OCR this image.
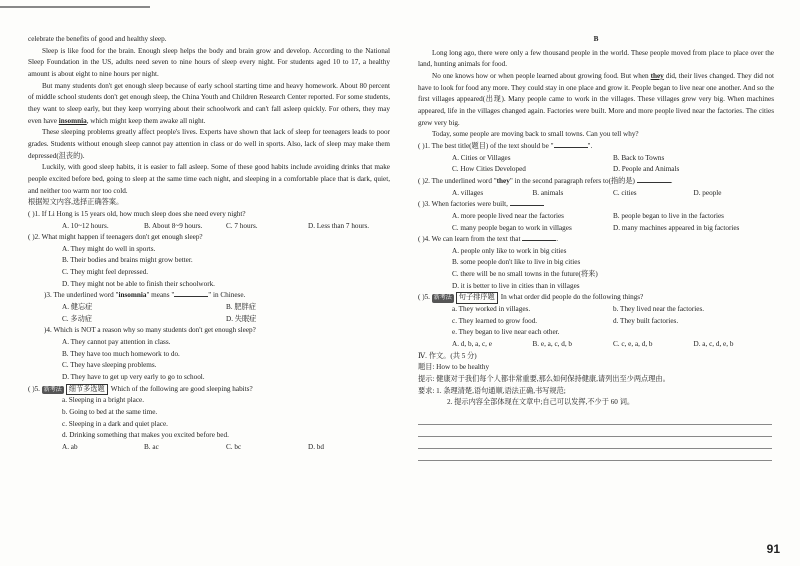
celebrate the benefits of good and healthy sleep.

Sleep is like food for the brain. Enough sleep helps the body and brain grow and develop. According to the National Sleep Foundation in the US, adults need seven to nine hours of sleep every night. For students aged 10 to 17, a healthy amount is about eight to nine hours per night.

But many students don't get enough sleep because of early school starting time and heavy homework. About 80 percent of middle school students don't get enough sleep, the China Youth and Children Research Center reported. For some students, they want to sleep early, but they keep worrying about their schoolwork and can't fall asleep quickly. For others, they may even have insomnia, which might keep them awake all night.

These sleeping problems greatly affect people's lives. Experts have shown that lack of sleep for teenagers leads to poor grades. Students without enough sleep cannot pay attention in class or do well in sports. Also, lack of sleep may make them depressed(沮丧的).

Luckily, with good sleep habits, it is easier to fall asleep. Some of these good habits include avoiding drinks that make people excited before bed, going to sleep at the same time each night, and sleeping in a comfortable place that is dark, quiet, and neither too warm nor too cold.

根据短文内容,选择正确答案。

( )1. If Li Hong is 15 years old, how much sleep does she need every night?

A. 10~12 hours.	B. About 8~9 hours.	C. 7 hours.	D. Less than 7 hours.

( )2. What might happen if teenagers don't get enough sleep?

A. They might do well in sports.
B. Their bodies and brains might grow better.
C. They might feel depressed.
D. They might not be able to finish their schoolwork.

)3. The underlined word "insomnia" means "	" in Chinese.

A. 健忘症	B. 肥胖症
C. 多动症	D. 失眠症

)4. Which is NOT a reason why so many students don't get enough sleep?

A. They cannot pay attention in class.
B. They have too much homework to do.
C. They have sleeping problems.
D. They have to get up very early to go to school.

( )5. 新考法 细节多选题 Which of the following are good sleeping habits?

a. Sleeping in a bright place.
b. Going to bed at the same time.
c. Sleeping in a dark and quiet place.
d. Drinking something that makes you excited before bed.
A. ab	B. ac	C. bc	D. bd
B

Long long ago, there were only a few thousand people in the world. These people moved from place to place over the land, hunting animals for food.

No one knows how or when people learned about growing food. But when they did, their lives changed. They did not have to look for food any more. They could stay in one place and grow it. People began to live near one another. And so the first villages appeared(出现). Many people came to work in the villages. These villages grew very big. When machines appeared, life in the villages changed again. Factories were built. More and more people lived near the factories. The cities grew very big.

Today, some people are moving back to small towns. Can you tell why?

( )1. The best title(题目) of the text should be "	".

A. Cities or Villages	B. Back to Towns
C. How Cities Developed	D. People and Animals

( )2. The underlined word "they" in the second paragraph refers to(指的是)	.

A. villages	B. animals	C. cities	D. people

( )3. When factories were built,

A. more people lived near the factories	B. people began to live in the factories
C. many people began to work in villages	D. many machines appeared in big factories

( )4. We can learn from the text that	.

A. people only like to work in big cities
B. some people don't like to live in big cities
C. there will be no small towns in the future(将来)
D. it is better to live in cities than in villages

( )5. 新考法 句子排序题 In what order did people do the following things?

a. They worked in villages.	b. They lived near the factories.
c. They learned to grow food.	d. They built factories.
e. They began to live near each other.
A. d, b, a, c, e	B. e, a, c, d, b	C. c, e, a, d, b	D. a, c, d, e, b

Ⅳ. 作文。(共 5 分)

题目: How to be healthy

提示: 健康对于我们每个人都非常重要,那么如何保持健康,请列出至少两点理由。

要求: 1. 条理清楚,语句通顺,语法正确,书写规范;

2. 提示内容全部体现在文章中;自己可以发挥,不少于 60 词。

91
